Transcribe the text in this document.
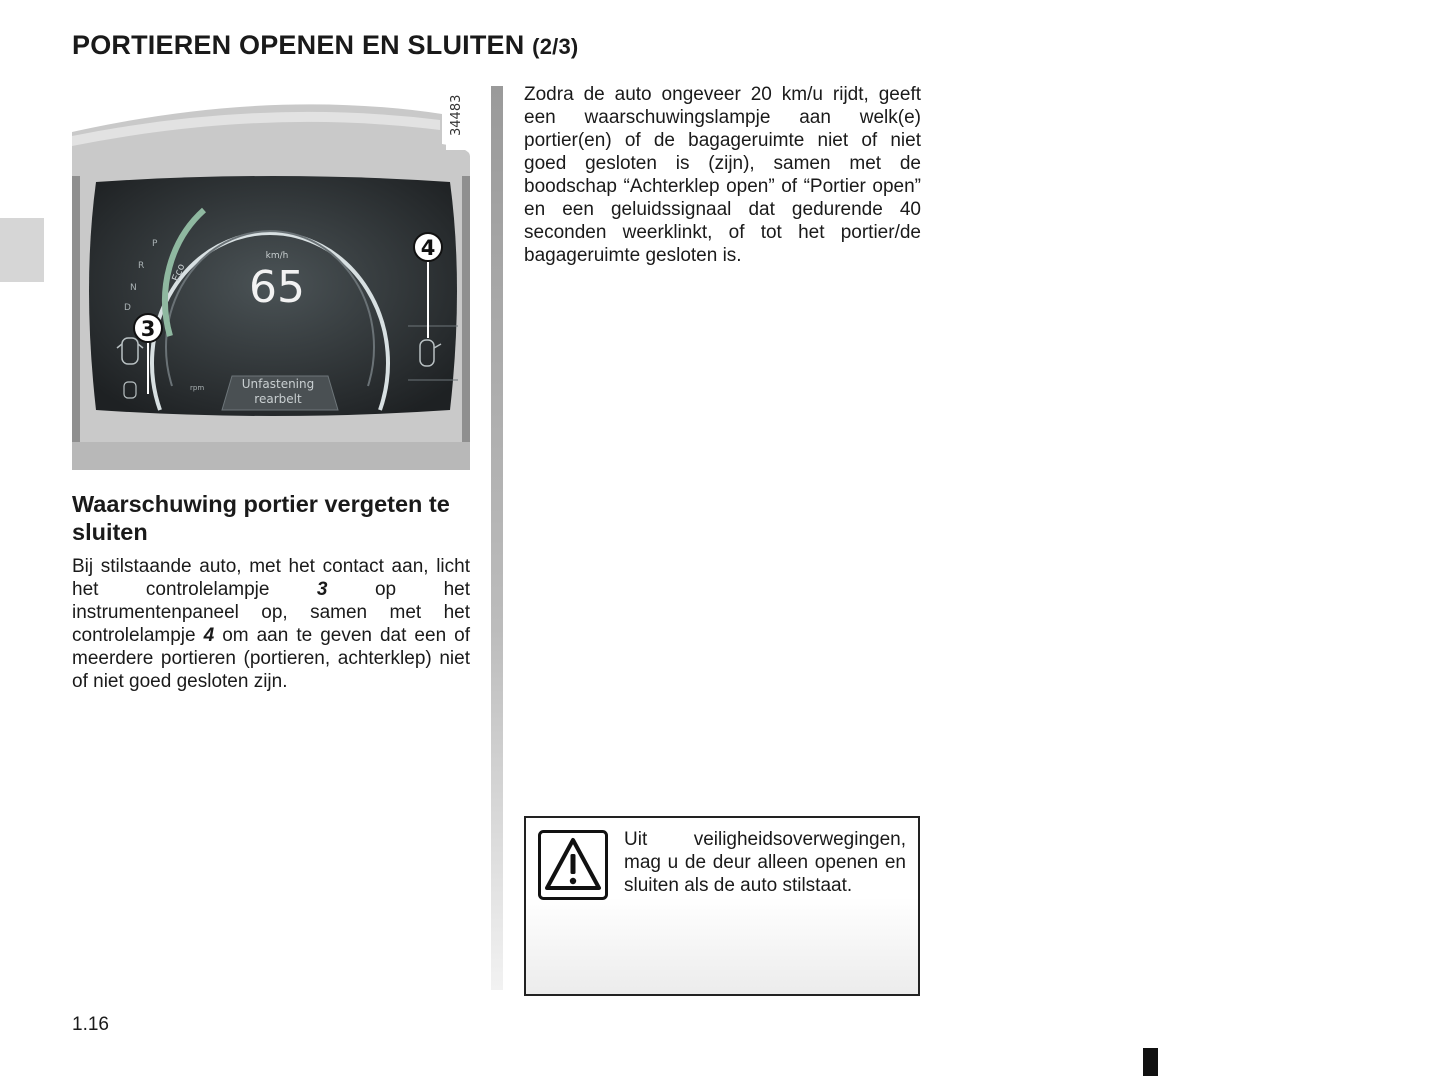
PORTIEREN OPENEN EN SLUITEN (2/3)
km/h
65
Eco
P
R
N
D
rpm	Unfastening
rearbelt
3
4
34483
Waarschuwing portier vergeten te sluiten

Bij stilstaande auto, met het contact aan, licht het controlelampje 3 op het instrumentenpaneel op, samen met het controlelampje 4 om aan te geven dat een of meerdere portieren (portieren, achterklep) niet of niet goed gesloten zijn.

Zodra de auto ongeveer 20 km/u rijdt, geeft een waarschuwingslampje aan welk(e) portier(en) of de bagageruimte niet of niet goed gesloten is (zijn), samen met de boodschap “Achterklep open” of “Portier open” en een geluidssignaal dat gedurende 40 seconden weerklinkt, of tot het portier/de bagageruimte gesloten is.

Uit veiligheidsoverwegingen, mag u de deur alleen openen en sluiten als de auto stilstaat.

1.16
